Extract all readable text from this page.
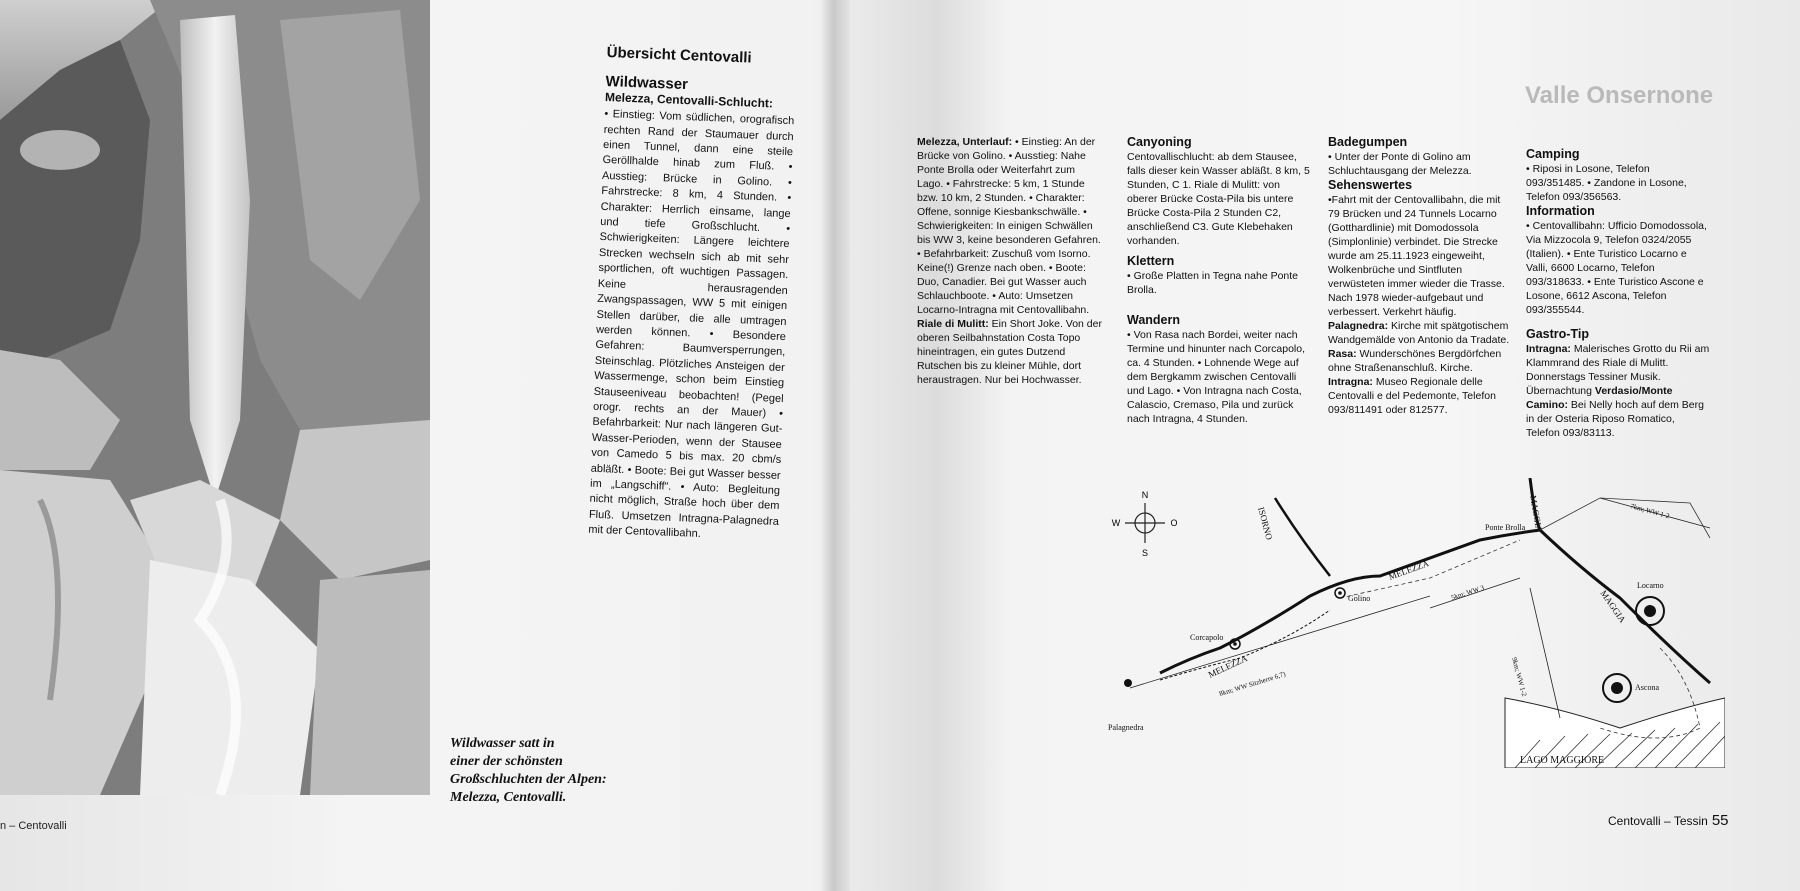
Wildwasser satt in
einer der schönsten
Großschluchten der Alpen:
Melezza, Centovalli.
n – Centovalli
Übersicht Centovalli
Wildwasser
Melezza, Centovalli-Schlucht:
• Einstieg: Vom südlichen, orografisch rechten Rand der Staumauer durch einen Tunnel, dann eine steile Geröllhalde hinab zum Fluß. • Ausstieg: Brücke in Golino. • Fahrstrecke: 8 km, 4 Stunden. • Charakter: Herrlich einsame, lange und tiefe Großschlucht. • Schwierigkeiten: Längere leichtere Strecken wechseln sich ab mit sehr sportlichen, oft wuchtigen Passagen. Keine herausragenden Zwangspassagen, WW 5 mit einigen Stellen darüber, die alle umtragen werden können. • Besondere Gefahren: Baumversperrungen, Steinschlag. Plötzliches Ansteigen der Wassermenge, schon beim Einstieg Stauseeniveau beobachten! (Pegel orogr. rechts an der Mauer) • Befahrbarkeit: Nur nach längeren Gut-Wasser-Perioden, wenn der Stausee von Camedo 5 bis max. 20 cbm/s abläßt. • Boote: Bei gut Wasser besser im „Langschiff“. • Auto: Begleitung nicht möglich, Straße hoch über dem Fluß. Umsetzen Intragna-Palagnedra mit der Centovallibahn.
Valle Onsernone

Melezza, Unterlauf: • Einstieg: An der Brücke von Golino. • Ausstieg: Nahe Ponte Brolla oder Weiterfahrt zum Lago. • Fahrstrecke: 5 km, 1 Stunde bzw. 10 km, 2 Stunden. • Charakter: Offene, sonnige Kiesbankschwälle. • Schwierigkeiten: In einigen Schwällen bis WW 3, keine besonderen Gefahren. • Befahrbarkeit: Zuschuß vom Isorno. Keine(!) Grenze nach oben. • Boote: Duo, Canadier. Bei gut Wasser auch Schlauchboote. • Auto: Umsetzen Locarno-Intragna mit Centovallibahn.

Riale di Mulitt: Ein Short Joke. Von der oberen Seilbahnstation Costa Topo hineintragen, ein gutes Dutzend Rutschen bis zu kleiner Mühle, dort heraustragen. Nur bei Hochwasser.

Canyoning

Centovallischlucht: ab dem Stausee, falls dieser kein Wasser abläßt. 8 km, 5 Stunden, C 1. Riale di Mulitt: von oberer Brücke Costa-Pila bis untere Brücke Costa-Pila 2 Stunden C2, anschließend C3. Gute Klebehaken vorhanden.

Klettern

• Große Platten in Tegna nahe Ponte Brolla.

Wandern

• Von Rasa nach Bordei, weiter nach Termine und hinunter nach Corcapolo, ca. 4 Stunden. • Lohnende Wege auf dem Bergkamm zwischen Centovalli und Lago. • Von Intragna nach Costa, Calascio, Cremaso, Pila und zurück nach Intragna, 4 Stunden.

Badegumpen

• Unter der Ponte di Golino am Schluchtausgang der Melezza.

Sehenswertes

•Fahrt mit der Centovallibahn, die mit 79 Brücken und 24 Tunnels Locarno (Gotthardlinie) mit Domodossola (Simplonlinie) verbindet. Die Strecke wurde am 25.11.1923 eingeweiht, Wolkenbrüche und Sintfluten verwüsteten immer wieder die Trasse. Nach 1978 wieder-aufgebaut und verbessert. Verkehrt häufig. Palagnedra: Kirche mit spätgotischem Wandgemälde von Antonio da Tradate. Rasa: Wunderschönes Bergdörfchen ohne Straßenanschluß. Kirche. Intragna: Museo Regionale delle Centovalli e del Pedemonte, Telefon 093/811491 oder 812577.

Camping

• Riposi in Losone, Telefon 093/351485. • Zandone in Losone, Telefon 093/356563.

Information

• Centovallibahn: Ufficio Domodossola, Via Mizzocola 9, Telefon 0324/2055 (Italien). • Ente Turistico Locarno e Valli, 6600 Locarno, Telefon 093/318633. • Ente Turistico Ascone e Losone, 6612 Ascona, Telefon 093/355544.

Gastro-Tip

Intragna: Malerisches Grotto du Rii am Klammrand des Riale di Mulitt. Donnerstags Tessiner Musik. Übernachtung Verdasio/Monte Camino: Bei Nelly hoch auf dem Berg in der Osteria Riposo Romatico, Telefon 093/83113.

N
S
W	O	ISORNO	MAGGIA
MAGGIA
MELEZZA
MELEZZA
Ponte Brolla
Golino
Corcapolo
Palagnedra
Locarno
Ascona
LAGO MAGGIORE
7km; WW 1-2
5km; WW 3
9km; WW 1-2
8km; WW Sitzherre 6,7)
Centovalli – Tessin 55
